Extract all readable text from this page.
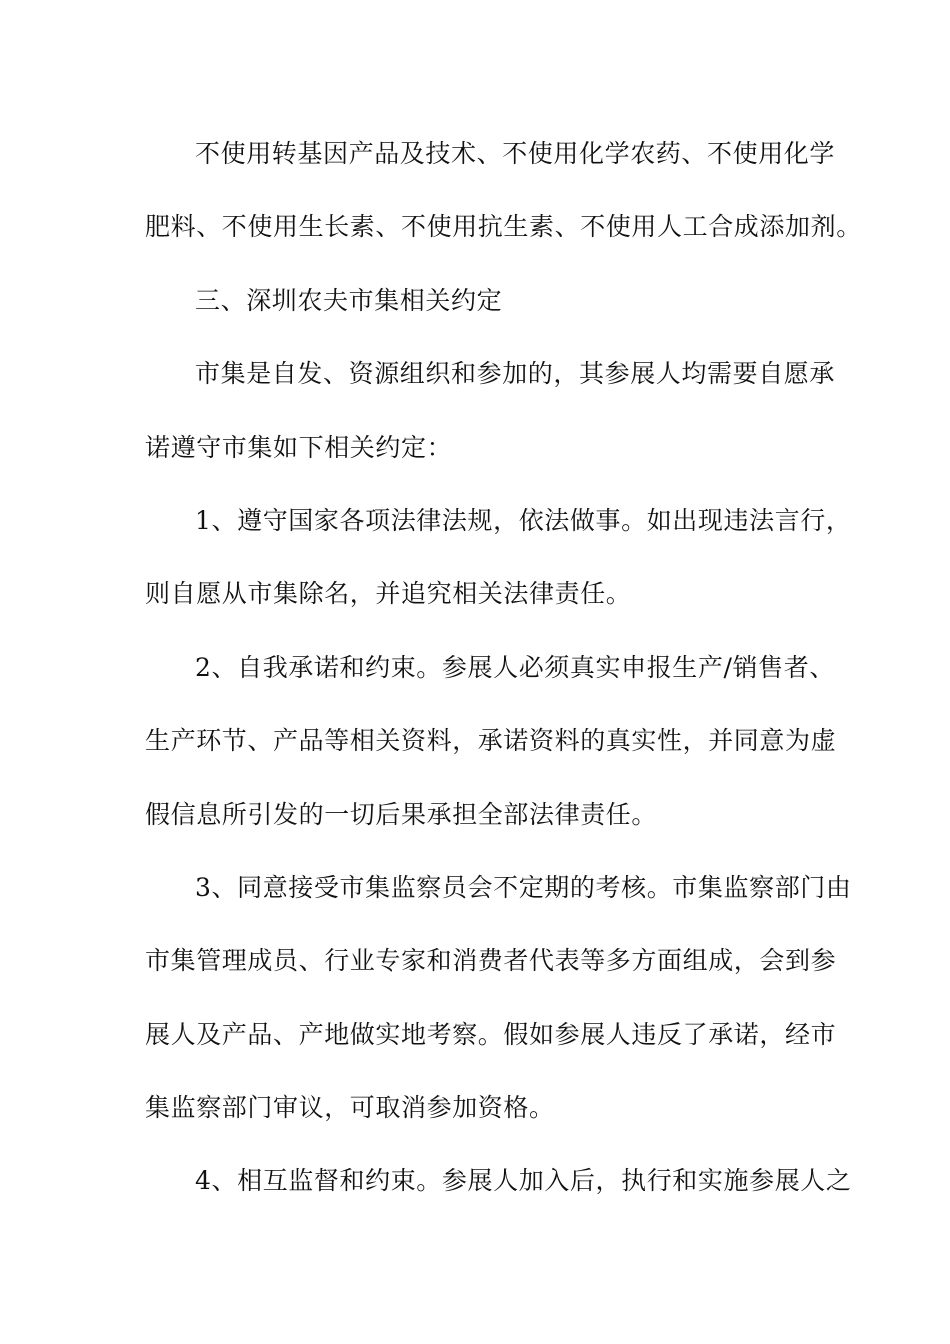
不使用转基因产品及技术、不使用化学农药、不使用化学
肥料、不使用生长素、不使用抗生素、不使用人工合成添加剂。
三、深圳农夫市集相关约定
市集是自发、资源组织和参加的，其参展人均需要自愿承
诺遵守市集如下相关约定：
1、遵守国家各项法律法规，依法做事。如出现违法言行，
则自愿从市集除名，并追究相关法律责任。
2、自我承诺和约束。参展人必须真实申报生产/销售者、
生产环节、产品等相关资料，承诺资料的真实性，并同意为虚
假信息所引发的一切后果承担全部法律责任。
3、同意接受市集监察员会不定期的考核。市集监察部门由
市集管理成员、行业专家和消费者代表等多方面组成，会到参
展人及产品、产地做实地考察。假如参展人违反了承诺，经市
集监察部门审议，可取消参加资格。
4、相互监督和约束。参展人加入后，执行和实施参展人之
